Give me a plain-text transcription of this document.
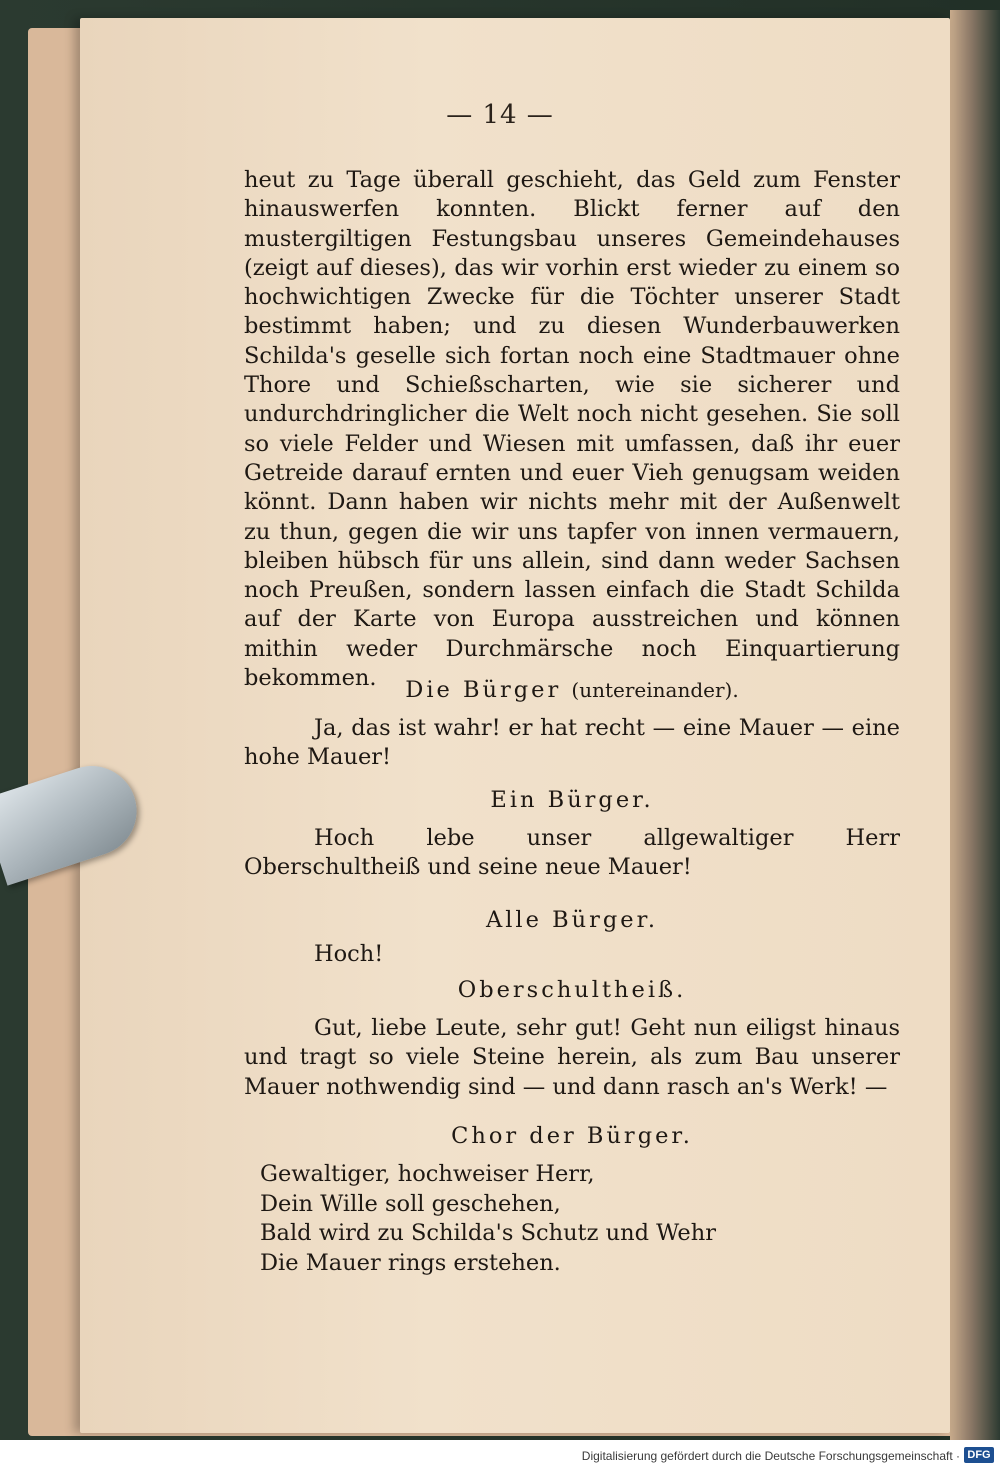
— 14 —

heut zu Tage überall geschieht, das Geld zum Fenster hinauswerfen konnten. Blickt ferner auf den mustergiltigen Festungsbau unseres Gemeindehauses (zeigt auf dieses), das wir vorhin erst wieder zu einem so hochwichtigen Zwecke für die Töchter unserer Stadt bestimmt haben; und zu diesen Wunderbauwerken Schilda's geselle sich fortan noch eine Stadtmauer ohne Thore und Schießscharten, wie sie sicherer und undurchdringlicher die Welt noch nicht gesehen. Sie soll so viele Felder und Wiesen mit umfassen, daß ihr euer Getreide darauf ernten und euer Vieh genugsam weiden könnt. Dann haben wir nichts mehr mit der Außenwelt zu thun, gegen die wir uns tapfer von innen vermauern, bleiben hübsch für uns allein, sind dann weder Sachsen noch Preußen, sondern lassen einfach die Stadt Schilda auf der Karte von Europa ausstreichen und können mithin weder Durchmärsche noch Einquartierung bekommen.	Die Bürger (untereinander).
Ja, das ist wahr! er hat recht — eine Mauer — eine hohe Mauer!
Ein Bürger.
Hoch lebe unser allgewaltiger Herr Oberschultheiß und seine neue Mauer!
Alle Bürger.
Hoch!
Oberschultheiß.
Gut, liebe Leute, sehr gut! Geht nun eiligst hinaus und tragt so viele Steine herein, als zum Bau unserer Mauer nothwendig sind — und dann rasch an's Werk! —
Chor der Bürger.
Gewaltiger, hochweiser Herr,
Dein Wille soll geschehen,
Bald wird zu Schilda's Schutz und Wehr
Die Mauer rings erstehen.
Digitalisierung gefördert durch die Deutsche Forschungsgemeinschaft · DFG
